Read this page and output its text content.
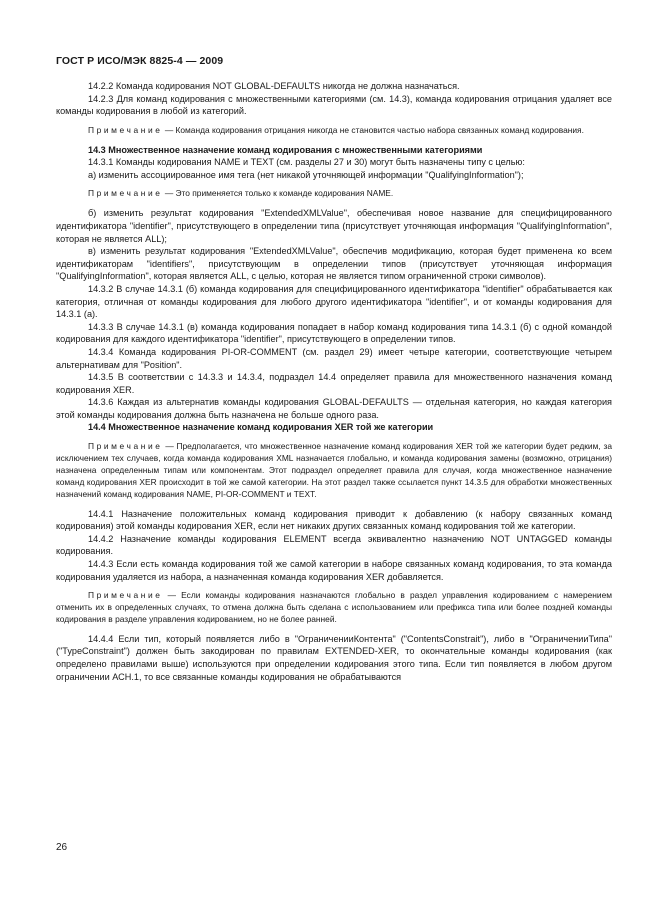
ГОСТ Р ИСО/МЭК 8825-4 — 2009

14.2.2 Команда кодирования NOT GLOBAL-DEFAULTS никогда не должна назначаться.

14.2.3 Для команд кодирования с множественными категориями (см. 14.3), команда кодирования отрицания удаляет все команды кодирования в любой из категорий.

Примечание — Команда кодирования отрицания никогда не становится частью набора связанных команд кодирования.

14.3 Множественное назначение команд кодирования с множественными категориями

14.3.1 Команды кодирования NAME и TEXT (см. разделы 27 и 30) могут быть назначены типу с целью:

a) изменить ассоциированное имя тега (нет никакой уточняющей информации "QualifyingInformation");

Примечание — Это применяется только к команде кодирования NAME.

б) изменить результат кодирования "ExtendedXMLValue", обеспечивая новое название для специфицированного идентификатора "identifier", присутствующего в определении типа (присутствует уточняющая информация "QualifyingInformation", которая не является ALL);

в) изменить результат кодирования "ExtendedXMLValue", обеспечив модификацию, которая будет применена ко всем идентификаторам "identifiers", присутствующим в определении типов (присутствует уточняющая информация "QualifyingInformation", которая является ALL, с целью, которая не является типом ограниченной строки символов).

14.3.2 В случае 14.3.1 (б) команда кодирования для специфицированного идентификатора "identifier" обрабатывается как категория, отличная от команды кодирования для любого другого идентификатора "identifier", и от команды кодирования для 14.3.1 (а).

14.3.3 В случае 14.3.1 (в) команда кодирования попадает в набор команд кодирования типа 14.3.1 (б) с одной командой кодирования для каждого идентификатора "identifier", присутствующего в определении типов.

14.3.4 Команда кодирования PI-OR-COMMENT (см. раздел 29) имеет четыре категории, соответствующие четырем альтернативам для "Position".

14.3.5 В соответствии с 14.3.3 и 14.3.4, подраздел 14.4 определяет правила для множественного назначения команд кодирования XER.

14.3.6 Каждая из альтернатив команды кодирования GLOBAL-DEFAULTS — отдельная категория, но каждая категория этой команды кодирования должна быть назначена не больше одного раза.

14.4 Множественное назначение команд кодирования XER той же категории

Примечание — Предполагается, что множественное назначение команд кодирования XER той же категории будет редким, за исключением тех случаев, когда команда кодирования XML назначается глобально, и команда кодирования замены (возможно, отрицания) назначена определенным типам или компонентам. Этот подраздел определяет правила для случая, когда множественное назначение команд кодирования XER происходит в той же самой категории. На этот раздел также ссылается пункт 14.3.5 для обработки множественных назначений команд кодирования NAME, PI-OR-COMMENT и TEXT.

14.4.1 Назначение положительных команд кодирования приводит к добавлению (к набору связанных команд кодирования) этой команды кодирования XER, если нет никаких других связанных команд кодирования той же категории.

14.4.2 Назначение команды кодирования ELEMENT всегда эквивалентно назначению NOT UNTAGGED команды кодирования.

14.4.3 Если есть команда кодирования той же самой категории в наборе связанных команд кодирования, то эта команда кодирования удаляется из набора, а назначенная команда кодирования XER добавляется.

Примечание — Если команды кодирования назначаются глобально в раздел управления кодированием с намерением отменить их в определенных случаях, то отмена должна быть сделана с использованием или префикса типа или более поздней команды кодирования в разделе управления кодированием, но не более ранней.

14.4.4 Если тип, который появляется либо в "ОграниченииКонтента" ("ContentsConstrait"), либо в "ОграниченииТипа" ("TypeConstraint") должен быть закодирован по правилам EXTENDED-XER, то окончательные команды кодирования (как определено правилами выше) используются при определении кодирования этого типа. Если тип появляется в любом другом ограничении АСН.1, то все связанные команды кодирования не обрабатываются

26
